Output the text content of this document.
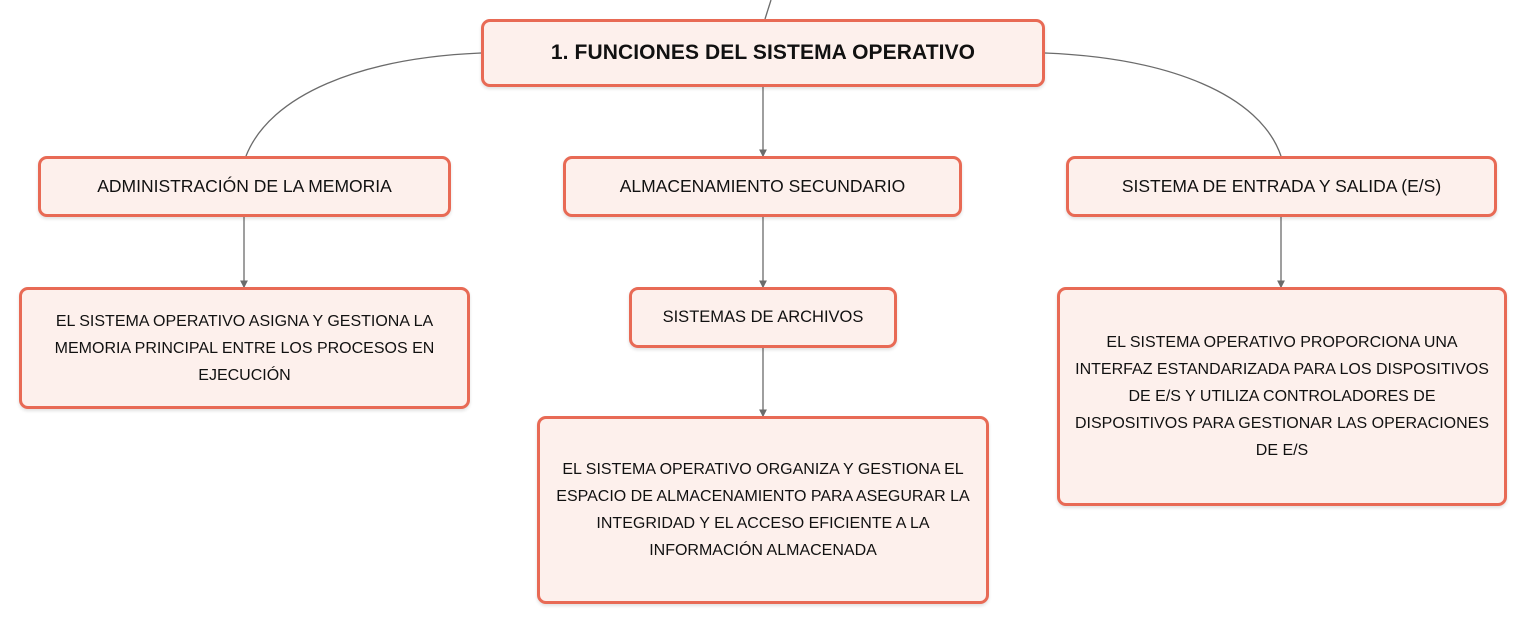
1. FUNCIONES DEL SISTEMA OPERATIVO
ADMINISTRACIÓN DE LA MEMORIA	ALMACENAMIENTO SECUNDARIO	SISTEMA DE ENTRADA Y SALIDA (E/S)
EL SISTEMA OPERATIVO ASIGNA Y GESTIONA LA MEMORIA PRINCIPAL ENTRE LOS PROCESOS EN EJECUCIÓN
SISTEMAS DE ARCHIVOS
EL SISTEMA OPERATIVO ORGANIZA Y GESTIONA EL ESPACIO DE ALMACENAMIENTO PARA ASEGURAR LA INTEGRIDAD Y EL ACCESO EFICIENTE A LA INFORMACIÓN ALMACENADA
EL SISTEMA OPERATIVO PROPORCIONA UNA INTERFAZ ESTANDARIZADA PARA LOS DISPOSITIVOS DE E/S Y UTILIZA CONTROLADORES DE DISPOSITIVOS PARA GESTIONAR LAS OPERACIONES DE E/S
